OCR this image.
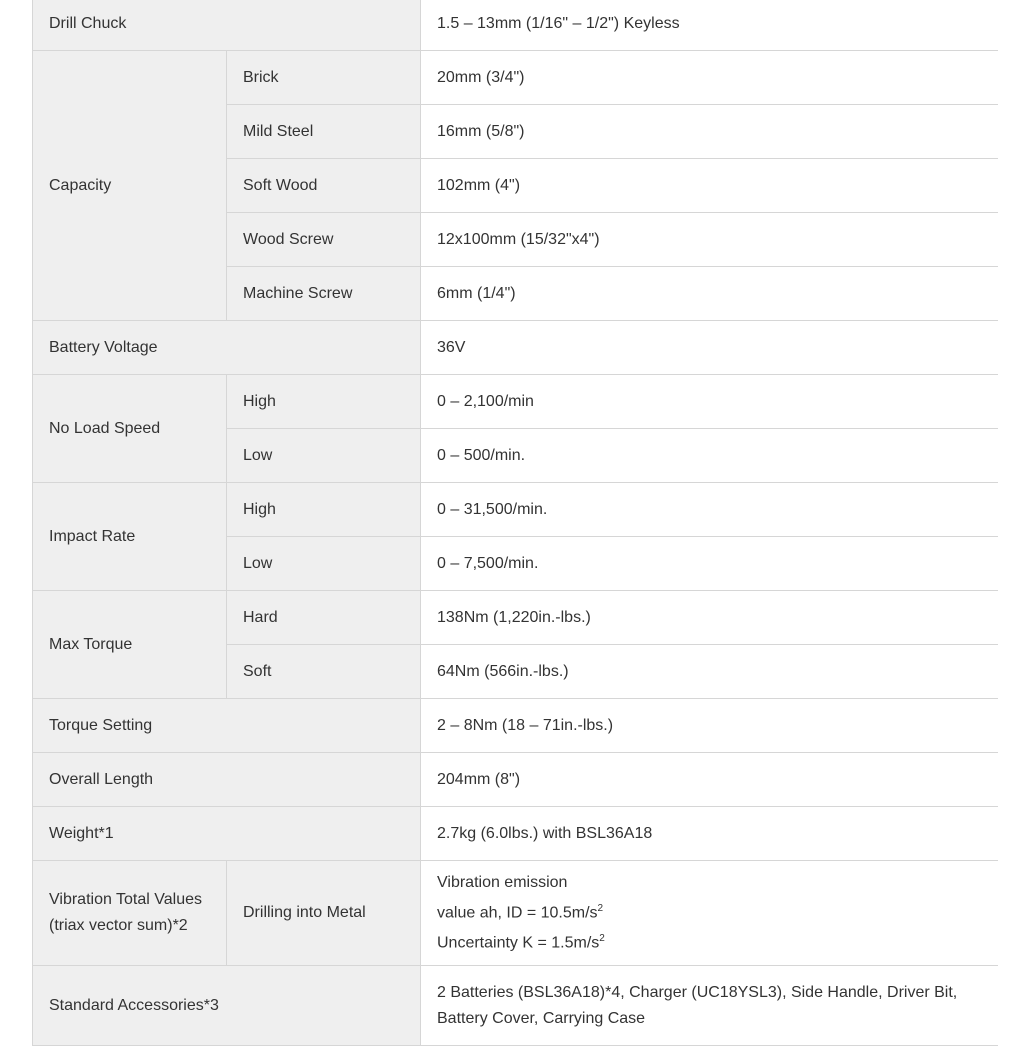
Drill Chuck		1.5 – 13mm (1/16" – 1/2") Keyless
Capacity	Brick	20mm (3/4")
	Mild Steel	16mm (5/8")
	Soft Wood	102mm (4")
	Wood Screw	12x100mm (15/32"x4")
	Machine Screw	6mm (1/4")
Battery Voltage		36V
No Load Speed	High	0 – 2,100/min
	Low	0 – 500/min.
Impact Rate	High	0 – 31,500/min.
	Low	0 – 7,500/min.
Max Torque	Hard	138Nm (1,220in.-lbs.)
	Soft	64Nm (566in.-lbs.)
Torque Setting		2 – 8Nm (18 – 71in.-lbs.)
Overall Length		204mm (8")
Weight*1		2.7kg (6.0lbs.) with BSL36A18

Vibration Total Values
(triax vector sum)*2	Drilling into Metal	Vibration emission
value ah, ID = $10.5m/s^2$
Uncertainty $K = 1.5m/s^2$

Standard Accessories*3		2 Batteries (BSL36A18)*4, Charger (UC18YSL3), Side Handle, Driver Bit,
Battery Cover, Carrying Case
